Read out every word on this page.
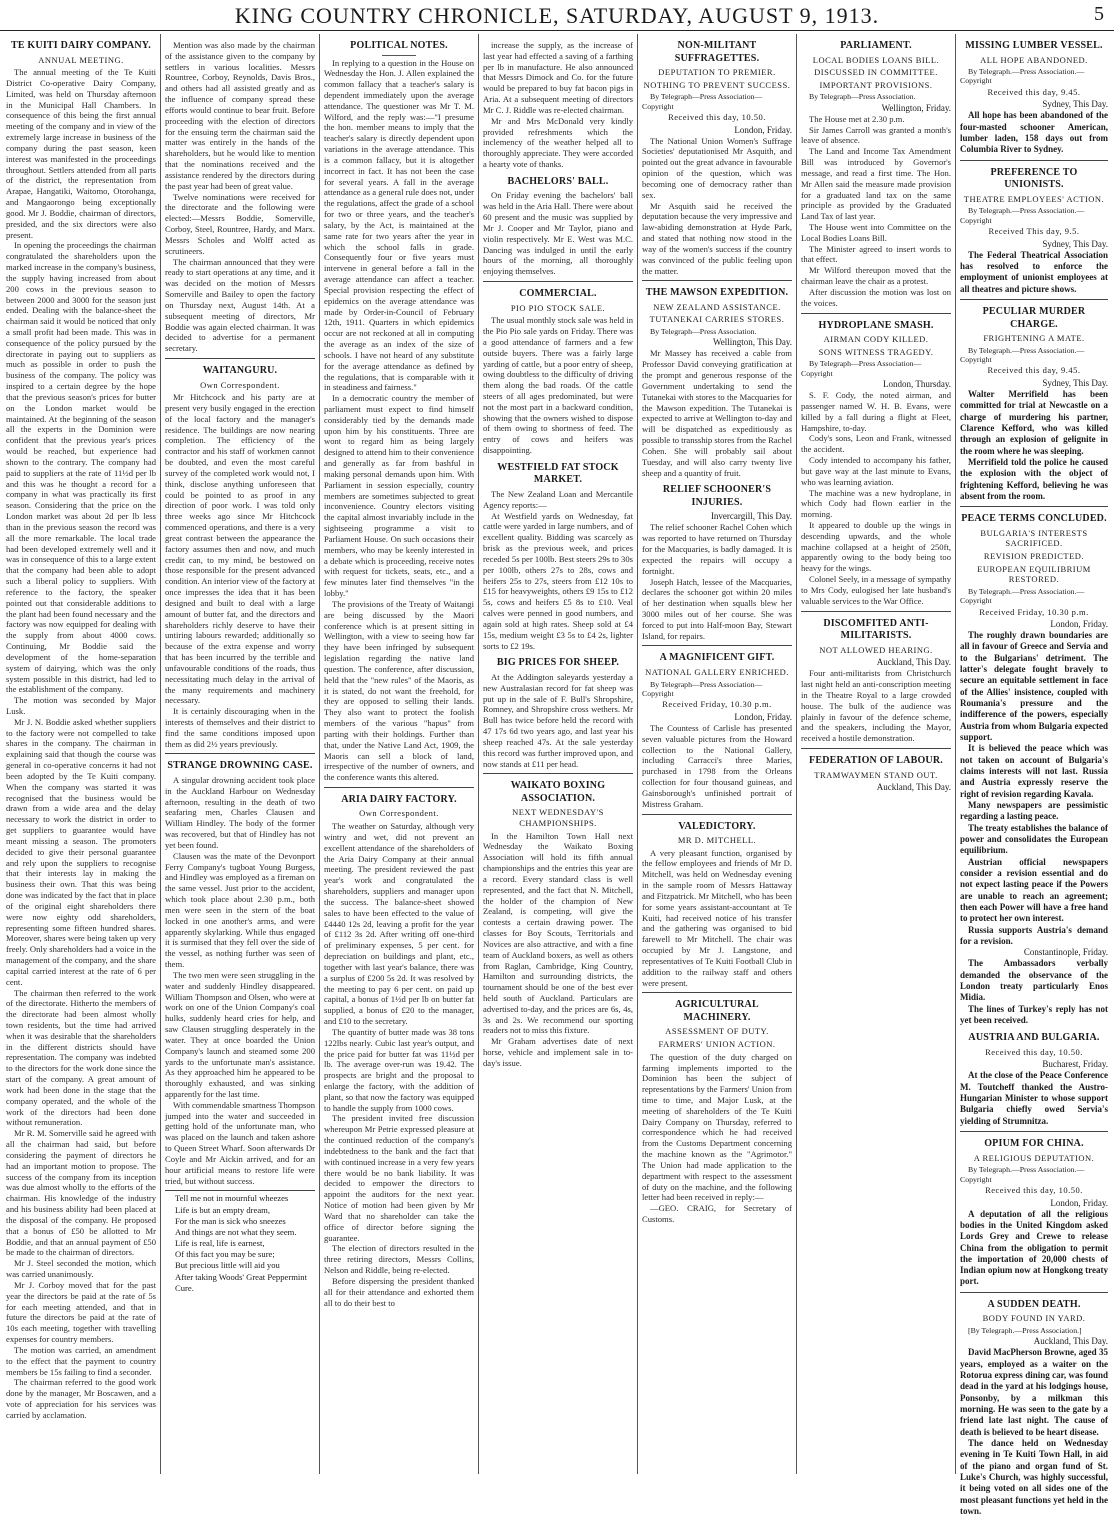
KING COUNTRY CHRONICLE, SATURDAY, AUGUST 9, 1913.	5
TE KUITI DAIRY COMPANY.
ANNUAL MEETING.

The annual meeting of the Te Kuiti District Co-operative Dairy Company, Limited, was held on Thursday afternoon in the Municipal Hall Chambers. In consequence of this being the first annual meeting of the company and in view of the extremely large increase in business of the company during the past season, keen interest was manifested in the proceedings throughout. Settlers attended from all parts of the district, the representation from Arapae, Hangatiki, Waitomo, Otorohanga, and Mangaorongo being exceptionally good. Mr J. Boddie, chairman of directors, presided, and the six directors were also present.

In opening the proceedings the chairman congratulated the shareholders upon the marked increase in the company's business, the supply having increased from about 200 cows in the previous season to between 2000 and 3000 for the season just ended. Dealing with the balance-sheet the chairman said it would be noticed that only a small profit had been made. This was in consequence of the policy pursued by the directorate in paying out to suppliers as much as possible in order to push the business of the company. The policy was inspired to a certain degree by the hope that the previous season's prices for butter on the London market would be maintained. At the beginning of the season all the experts in the Dominion were confident that the previous year's prices would be reached, but experience had shown to the contrary. The company had paid to suppliers at the rate of 11½d per lb and this was he thought a record for a company in what was practically its first season. Considering that the price on the London market was about 2d per lb less than in the previous season the record was all the more remarkable. The local trade had been developed extremely well and it was in consequence of this to a large extent that the company had been able to adopt such a liberal policy to suppliers. With reference to the factory, the speaker pointed out that considerable additions to the plant had been found necessary and the factory was now equipped for dealing with the supply from about 4000 cows. Continuing, Mr Boddie said the development of the home-separation system of dairying, which was the only system possible in this district, had led to the establishment of the company.

The motion was seconded by Major Lusk.

Mr J. N. Boddie asked whether suppliers to the factory were not compelled to take shares in the company. The chairman in explaining said that though the course was general in co-operative concerns it had not been adopted by the Te Kuiti company. When the company was started it was recognised that the business would be drawn from a wide area and the delay necessary to work the district in order to get suppliers to guarantee would have meant missing a season. The promoters decided to give their personal guarantee and rely upon the suppliers to recognise that their interests lay in making the business their own. That this was being done was indicated by the fact that in place of the original eight shareholders there were now eighty odd shareholders, representing some fifteen hundred shares. Moreover, shares were being taken up very freely. Only shareholders had a voice in the management of the company, and the share capital carried interest at the rate of 6 per cent.

The chairman then referred to the work of the directorate. Hitherto the members of the directorate had been almost wholly town residents, but the time had arrived when it was desirable that the shareholders in the different districts should have representation. The company was indebted to the directors for the work done since the start of the company. A great amount of work had been done in the stage that the company operated, and the whole of the work of the directors had been done without remuneration.

Mr R. M. Somerville said he agreed with all the chairman had said, but before considering the payment of directors he had an important motion to propose. The success of the company from its inception was due almost wholly to the efforts of the chairman. His knowledge of the industry and his business ability had been placed at the disposal of the company. He proposed that a bonus of £50 be allotted to Mr Boddie, and that an annual payment of £50 be made to the chairman of directors.

Mr J. Steel seconded the motion, which was carried unanimously.

Mr J. Corboy moved that for the past year the directors be paid at the rate of 5s for each meeting attended, and that in future the directors be paid at the rate of 10s each meeting, together with travelling expenses for country members.

The motion was carried, an amendment to the effect that the payment to country members be 15s failing to find a seconder.

The chairman referred to the good work done by the manager, Mr Boscawen, and a vote of appreciation for his services was carried by acclamation.

Mention was also made by the chairman of the assistance given to the company by settlers in various localities. Messrs Rountree, Corboy, Reynolds, Davis Bros., and others had all assisted greatly and as the influence of company spread these efforts would continue to bear fruit. Before proceeding with the election of directors for the ensuing term the chairman said the matter was entirely in the hands of the shareholders, but he would like to mention that the nominations received and the assistance rendered by the directors during the past year had been of great value.

Twelve nominations were received for the directorate and the following were elected:—Messrs Boddie, Somerville, Corboy, Steel, Rountree, Hardy, and Marx. Messrs Scholes and Wolff acted as scrutineers.

The chairman announced that they were ready to start operations at any time, and it was decided on the motion of Messrs Somerville and Bailey to open the factory on Thursday next, August 14th. At a subsequent meeting of directors, Mr Boddie was again elected chairman. It was decided to advertise for a permanent secretary.

WAITANGURU.
Own Correspondent.

Mr Hitchcock and his party are at present very busily engaged in the erection of the local factory and the manager's residence. The buildings are now nearing completion. The efficiency of the contractor and his staff of workmen cannot be doubted, and even the most careful survey of the completed work would not, I think, disclose anything unforeseen that could be pointed to as proof in any direction of poor work. I was told only three weeks ago since Mr Hitchcock commenced operations, and there is a very great contrast between the appearance the factory assumes then and now, and much credit can, to my mind, be bestowed on those responsible for the present advanced condition. An interior view of the factory at once impresses the idea that it has been designed and built to deal with a large amount of butter fat, and the directors and shareholders richly deserve to have their untiring labours rewarded; additionally so because of the extra expense and worry that has been incurred by the terrible and unfavourable conditions of the roads, thus necessitating much delay in the arrival of the many requirements and machinery necessary.

It is certainly discouraging when in the interests of themselves and their district to find the same conditions imposed upon them as did 2½ years previously.

STRANGE DROWNING CASE.

A singular drowning accident took place in the Auckland Harbour on Wednesday afternoon, resulting in the death of two seafaring men, Charles Clausen and William Hindley. The body of the former was recovered, but that of Hindley has not yet been found.

Clausen was the mate of the Devonport Ferry Company's tugboat Young Burgess, and Hindley was employed as a fireman on the same vessel. Just prior to the accident, which took place about 2.30 p.m., both men were seen in the stern of the boat locked in one another's arms, and were apparently skylarking. While thus engaged it is surmised that they fell over the side of the vessel, as nothing further was seen of them.

The two men were seen struggling in the water and suddenly Hindley disappeared. William Thompson and Olsen, who were at work on one of the Union Company's coal hulks, suddenly heard cries for help, and saw Clausen struggling desperately in the water. They at once boarded the Union Company's launch and steamed some 200 yards to the unfortunate man's assistance. As they approached him he appeared to be thoroughly exhausted, and was sinking apparently for the last time.

With commendable smartness Thompson jumped into the water and succeeded in getting hold of the unfortunate man, who was placed on the launch and taken ashore to Queen Street Wharf. Soon afterwards Dr Coyle and Mr Aickin arrived, and for an hour artificial means to restore life were tried, but without success.

Tell me not in mournful wheezes
Life is but an empty dream,
For the man is sick who sneezes
And things are not what they seem.
Life is real, life is earnest,
Of this fact you may be sure;
But precious little will aid you
After taking Woods' Great Peppermint Cure.
POLITICAL NOTES.

In replying to a question in the House on Wednesday the Hon. J. Allen explained the common fallacy that a teacher's salary is dependent immediately upon the average attendance. The questioner was Mr T. M. Wilford, and the reply was:—"I presume the hon. member means to imply that the teacher's salary is directly dependent upon variations in the average attendance. This is a common fallacy, but it is altogether incorrect in fact. It has not been the case for several years. A fall in the average attendance as a general rule does not, under the regulations, affect the grade of a school for two or three years, and the teacher's salary, by the Act, is maintained at the same rate for two years after the year in which the school falls in grade. Consequently four or five years must intervene in general before a fall in the average attendance can affect a teacher. Special provision respecting the effect of epidemics on the average attendance was made by Order-in-Council of February 12th, 1911. Quarters in which epidemics occur are not reckoned at all in computing the average as an index of the size of schools. I have not heard of any substitute for the average attendance as defined by the regulations, that is comparable with it in steadiness and fairness."

In a democratic country the member of parliament must expect to find himself considerably tied by the demands made upon him by his constituents. Three are wont to regard him as being largely designed to attend him to their convenience and generally as far from bashful in making personal demands upon him. With Parliament in session especially, country members are sometimes subjected to great inconvenience. Country electors visiting the capital almost invariably include in the sightseeing programme a visit to Parliament House. On such occasions their members, who may be keenly interested in a debate which is proceeding, receive notes with request for tickets, seats, etc., and a few minutes later find themselves "in the lobby."

The provisions of the Treaty of Waitangi are being discussed by the Maori conference which is at present sitting in Wellington, with a view to seeing how far they have been infringed by subsequent legislation regarding the native land question. The conference, after discussion, held that the "new rules" of the Maoris, as it is stated, do not want the freehold, for they are opposed to selling their lands. They also want to protect the foolish members of the various "hapus" from parting with their holdings. Further than that, under the Native Land Act, 1909, the Maoris can sell a block of land, irrespective of the number of owners, and the conference wants this altered.

ARIA DAIRY FACTORY.
Own Correspondent.

The weather on Saturday, although very wintry and wet, did not prevent an excellent attendance of the shareholders of the Aria Dairy Company at their annual meeting. The president reviewed the past year's work and congratulated the shareholders, suppliers and manager upon the success. The balance-sheet showed sales to have been effected to the value of £4440 12s 2d, leaving a profit for the year of £112 3s 2d. After writing off one-third of preliminary expenses, 5 per cent. for depreciation on buildings and plant, etc., together with last year's balance, there was a surplus of £200 5s 2d. It was resolved by the meeting to pay 6 per cent. on paid up capital, a bonus of 1½d per lb on butter fat supplied, a bonus of £20 to the manager, and £10 to the secretary.

The quantity of butter made was 38 tons 122lbs nearly. Cubic last year's output, and the price paid for butter fat was 11½d per lb. The average over-run was 19.42. The prospects are bright and the proposal to enlarge the factory, with the addition of plant, so that now the factory was equipped to handle the supply from 1000 cows.

The president invited free discussion whereupon Mr Petrie expressed pleasure at the continued reduction of the company's indebtedness to the bank and the fact that with continued increase in a very few years there would be no bank liability. It was decided to empower the directors to appoint the auditors for the next year. Notice of motion had been given by Mr Ward that no shareholder can take the office of director before signing the guarantee.

The election of directors resulted in the three retiring directors, Messrs Collins, Nelson and Riddle, being re-elected.

Before dispersing the president thanked all for their attendance and exhorted them all to do their best to

increase the supply, as the increase of last year had effected a saving of a farthing per lb in manufacture. He also announced that Messrs Dimock and Co. for the future would be prepared to buy fat bacon pigs in Aria. At a subsequent meeting of directors Mr C. J. Riddle was re-elected chairman.

Mr and Mrs McDonald very kindly provided refreshments which the inclemency of the weather helped all to thoroughly appreciate. They were accorded a hearty vote of thanks.

BACHELORS' BALL.

On Friday evening the bachelors' ball was held in the Aria Hall. There were about 60 present and the music was supplied by Mr J. Cooper and Mr Taylor, piano and violin respectively. Mr E. West was M.C. Dancing was indulged in until the early hours of the morning, all thoroughly enjoying themselves.

COMMERCIAL.
PIO PIO STOCK SALE.

The usual monthly stock sale was held in the Pio Pio sale yards on Friday. There was a good attendance of farmers and a few outside buyers. There was a fairly large yarding of cattle, but a poor entry of sheep, owing doubtless to the difficulty of driving them along the bad roads. Of the cattle steers of all ages predominated, but were not the most part in a backward condition, showing that the owners wished to dispose of them owing to shortness of feed. The entry of cows and heifers was disappointing.

WESTFIELD FAT STOCK MARKET.

The New Zealand Loan and Mercantile Agency reports:—

At Westfield yards on Wednesday, fat cattle were yarded in large numbers, and of excellent quality. Bidding was scarcely as brisk as the previous week, and prices receded 5s per 100lb. Best steers 29s to 30s per 100lb, others 27s to 28s, cows and heifers 25s to 27s, steers from £12 10s to £15 for heavyweights, others £9 15s to £12 5s, cows and heifers £5 8s to £10. Veal calves were penned in good numbers, and again sold at high rates. Sheep sold at £4 15s, medium weight £3 5s to £4 2s, lighter sorts to £2 19s.

BIG PRICES FOR SHEEP.

At the Addington saleyards yesterday a new Australasian record for fat sheep was put up in the sale of F. Bull's Shropshire, Romney, and Shropshire cross wethers. Mr Bull has twice before held the record with 47 17s 6d two years ago, and last year his sheep reached 47s. At the sale yesterday this record was further improved upon, and now stands at £11 per head.

WAIKATO BOXING ASSOCIATION.
NEXT WEDNESDAY'S CHAMPIONSHIPS.

In the Hamilton Town Hall next Wednesday the Waikato Boxing Association will hold its fifth annual championships and the entries this year are a record. Every standard class is well represented, and the fact that N. Mitchell, the holder of the champion of New Zealand, is competing, will give the contests a certain drawing power. The classes for Boy Scouts, Territorials and Novices are also attractive, and with a fine team of Auckland boxers, as well as others from Raglan, Cambridge, King Country, Hamilton and surrounding districts, the tournament should be one of the best ever held south of Auckland. Particulars are advertised to-day, and the prices are 6s, 4s, 3s and 2s. We recommend our sporting readers not to miss this fixture.

Mr Graham advertises date of next horse, vehicle and implement sale in to-day's issue.

NON-MILITANT SUFFRAGETTES.
DEPUTATION TO PREMIER.
NOTHING TO PREVENT SUCCESS.
By Telegraph—Press Association—Copyright
Received this day, 10.50.
London, Friday.

The National Union Women's Suffrage Societies' deputationised Mr Asquith, and pointed out the great advance in favourable opinion of the question, which was becoming one of democracy rather than sex.

Mr Asquith said he received the deputation because the very impressive and law-abiding demonstration at Hyde Park, and stated that nothing now stood in the way of the women's success if the country was convinced of the public feeling upon the matter.

THE MAWSON EXPEDITION.
NEW ZEALAND ASSISTANCE.
TUTANEKAI CARRIES STORES.
By Telegraph—Press Association.
Wellington, This Day.

Mr Massey has received a cable from Professor David conveying gratification at the prompt and generous response of the Government undertaking to send the Tutanekai with stores to the Macquaries for the Mawson expedition. The Tutanekai is expected to arrive at Wellington to-day and will be dispatched as expeditiously as possible to transship stores from the Rachel Cohen. She will probably sail about Tuesday, and will also carry twenty live sheep and a quantity of fruit.

RELIEF SCHOONER'S INJURIES.
Invercargill, This Day.

The relief schooner Rachel Cohen which was reported to have returned on Thursday for the Macquaries, is badly damaged. It is expected the repairs will occupy a fortnight.

Joseph Hatch, lessee of the Macquaries, declares the schooner got within 20 miles of her destination when squalls blew her 3000 miles out of her course. She was forced to put into Half-moon Bay, Stewart Island, for repairs.

A MAGNIFICENT GIFT.
NATIONAL GALLERY ENRICHED.
By Telegraph—Press Association—Copyright
Received Friday, 10.30 p.m.
London, Friday.

The Countess of Carlisle has presented seven valuable pictures from the Howard collection to the National Gallery, including Carracci's three Maries, purchased in 1798 from the Orleans collection for four thousand guineas, and Gainsborough's unfinished portrait of Mistress Graham.

VALEDICTORY.
MR D. MITCHELL.

A very pleasant function, organised by the fellow employees and friends of Mr D. Mitchell, was held on Wednesday evening in the sample room of Messrs Hattaway and Fitzpatrick. Mr Mitchell, who has been for some years assistant-accountant at Te Kuiti, had received notice of his transfer and the gathering was organised to bid farewell to Mr Mitchell. The chair was occupied by Mr J. Langstone, and representatives of Te Kuiti Football Club in addition to the railway staff and others were present.

AGRICULTURAL MACHINERY.
ASSESSMENT OF DUTY.
FARMERS' UNION ACTION.

The question of the duty charged on farming implements imported to the Dominion has been the subject of representations by the Farmers' Union from time to time, and Major Lusk, at the meeting of shareholders of the Te Kuiti Dairy Company on Thursday, referred to correspondence which he had received from the Customs Department concerning the machine known as the "Agrimotor." The Union had made application to the department with respect to the assessment of duty on the machine, and the following letter had been received in reply:—

—GEO. CRAIG, for Secretary of Customs.

PARLIAMENT.
LOCAL BODIES LOANS BILL.
DISCUSSED IN COMMITTEE.
IMPORTANT PROVISIONS.
By Telegraph—Press Association.
Wellington, Friday.

The House met at 2.30 p.m.

Sir James Carroll was granted a month's leave of absence.

The Land and Income Tax Amendment Bill was introduced by Governor's message, and read a first time. The Hon. Mr Allen said the measure made provision for a graduated land tax on the same principle as provided by the Graduated Land Tax of last year.

The House went into Committee on the Local Bodies Loans Bill.

The Minister agreed to insert words to that effect.

Mr Wilford thereupon moved that the chairman leave the chair as a protest.

After discussion the motion was lost on the voices.

HYDROPLANE SMASH.
AIRMAN CODY KILLED.
SONS WITNESS TRAGEDY.
By Telegraph—Press Association—Copyright
London, Thursday.

S. F. Cody, the noted airman, and passenger named W. H. B. Evans, were killed by a fall during a flight at Fleet, Hampshire, to-day.

Cody's sons, Leon and Frank, witnessed the accident.

Cody intended to accompany his father, but gave way at the last minute to Evans, who was learning aviation.

The machine was a new hydroplane, in which Cody had flown earlier in the morning.

It appeared to double up the wings in descending upwards, and the whole machine collapsed at a height of 250ft, apparently owing to the body being too heavy for the wings.

Colonel Seely, in a message of sympathy to Mrs Cody, eulogised her late husband's valuable services to the War Office.

DISCOMFITED ANTI-MILITARISTS.
NOT ALLOWED HEARING.
Auckland, This Day.

Four anti-militarists from Christchurch last night held an anti-conscription meeting in the Theatre Royal to a large crowded house. The bulk of the audience was plainly in favour of the defence scheme, and the speakers, including the Mayor, received a hostile demonstration.

FEDERATION OF LABOUR.
TRAMWAYMEN STAND OUT.
Auckland, This Day.
MISSING LUMBER VESSEL.
ALL HOPE ABANDONED.
By Telegraph.—Press Association.—Copyright
Received this day, 9.45.
Sydney, This Day.

All hope has been abandoned of the four-masted schooner American, lumber laden, 158 days out from Columbia River to Sydney.

PREFERENCE TO UNIONISTS.
THEATRE EMPLOYEES' ACTION.
By Telegraph.—Press Association.—Copyright
Received This day, 9.5.
Sydney, This Day.

The Federal Theatrical Association has resolved to enforce the employment of unionist employees at all theatres and picture shows.

PECULIAR MURDER CHARGE.
FRIGHTENING A MATE.
By Telegraph.—Press Association.—Copyright
Received this day, 9.45.
Sydney, This Day.

Walter Merrifield has been committed for trial at Newcastle on a charge of murdering his partner, Clarence Kefford, who was killed through an explosion of gelignite in the room where he was sleeping.

Merrifield told the police he caused the explosion with the object of frightening Kefford, believing he was absent from the room.

PEACE TERMS CONCLUDED.
BULGARIA'S INTERESTS SACRIFICED.
REVISION PREDICTED.
EUROPEAN EQUILIBRIUM RESTORED.
By Telegraph.—Press Association.—Copyright
Received Friday, 10.30 p.m.
London, Friday.

The roughly drawn boundaries are all in favour of Greece and Servia and to the Bulgarians' detriment. The latter's delegate fought bravely to secure an equitable settlement in face of the Allies' insistence, coupled with Roumania's pressure and the indifference of the powers, especially Austria from whom Bulgaria expected support.

It is believed the peace which was not taken on account of Bulgaria's claims interests will not last. Russia and Austria expressly reserve the right of revision regarding Kavala.

Many newspapers are pessimistic regarding a lasting peace.

The treaty establishes the balance of power and consolidates the European equilibrium.

Austrian official newspapers consider a revision essential and do not expect lasting peace if the Powers are unable to reach an agreement; then each Power will have a free hand to protect her own interest.

Russia supports Austria's demand for a revision.

Constantinople, Friday.

The Ambassadors verbally demanded the observance of the London treaty particularly Enos Midia.

The lines of Turkey's reply has not yet been received.

AUSTRIA AND BULGARIA.
Received this day, 10.50.
Bucharest, Friday.

At the close of the Peace Conference M. Toutcheff thanked the Austro-Hungarian Minister to whose support Bulgaria chiefly owed Servia's yielding of Strumnitza.

OPIUM FOR CHINA.
A RELIGIOUS DEPUTATION.
By Telegraph.—Press Association.—Copyright
Received this day, 10.50.
London, Friday.

A deputation of all the religious bodies in the United Kingdom asked Lords Grey and Crewe to release China from the obligation to permit the importation of 20,000 chests of Indian opium now at Hongkong treaty port.

A SUDDEN DEATH.
BODY FOUND IN YARD.
[By Telegraph.—Press Association.]
Auckland, This Day.

David MacPherson Browne, aged 35 years, employed as a waiter on the Rotorua express dining car, was found dead in the yard at his lodgings house, Ponsonby, by a milkman this morning. He was seen to the gate by a friend late last night. The cause of death is believed to be heart disease.

The dance held on Wednesday evening in Te Kuiti Town Hall, in aid of the piano and organ fund of St. Luke's Church, was highly successful, it being voted on all sides one of the most pleasant functions yet held in the town.
